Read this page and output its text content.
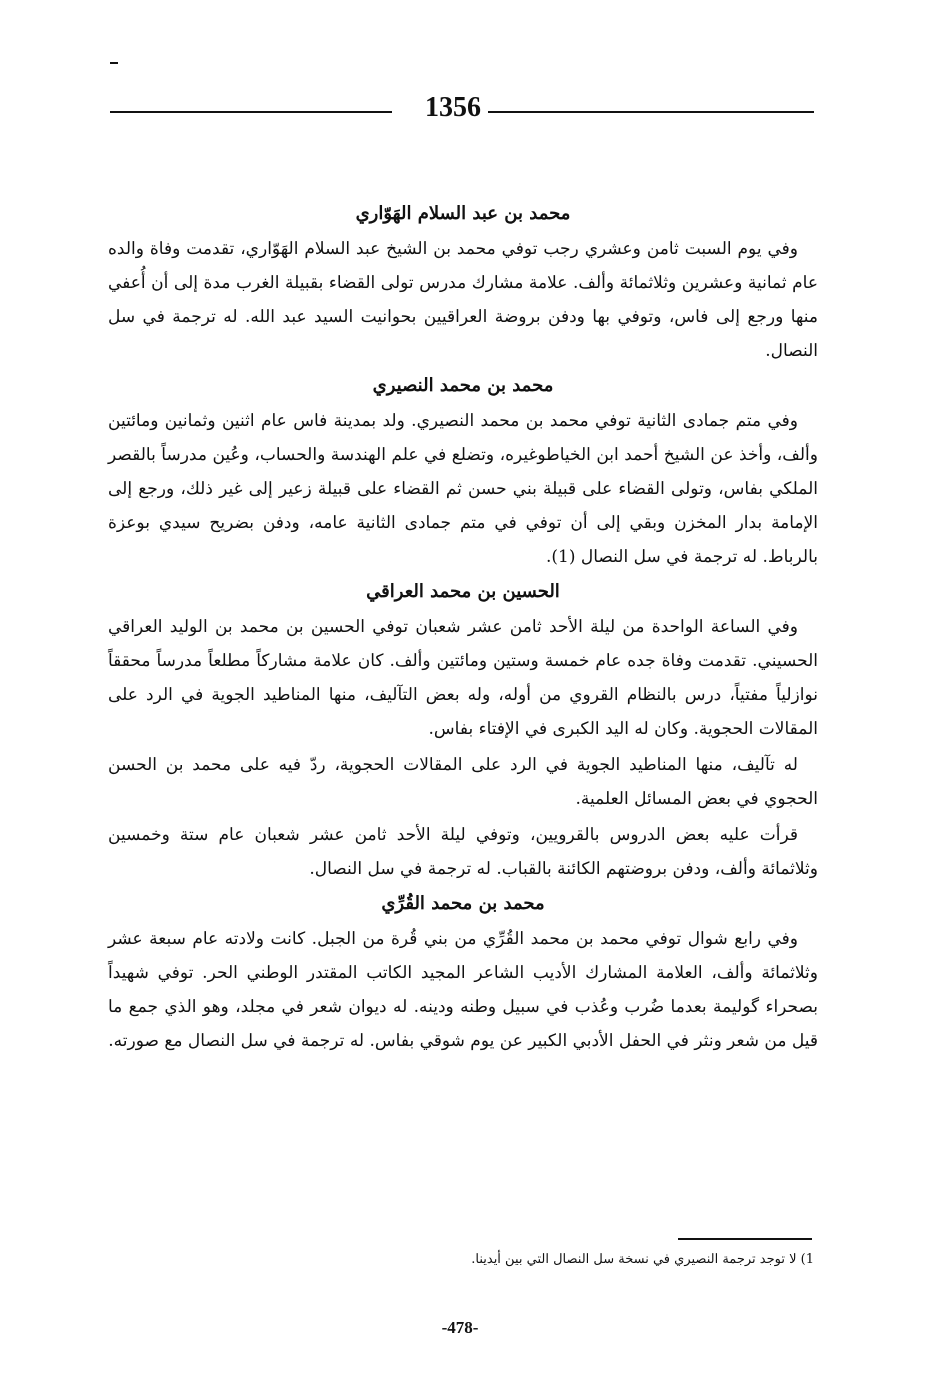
1356
محمد بن عبد السلام الهَوّاري

وفي يوم السبت ثامن وعشري رجب توفي محمد بن الشيخ عبد السلام الهَوّاري، تقدمت وفاة والده عام ثمانية وعشرين وثلاثمائة وألف. علامة مشارك مدرس تولى القضاء بقبيلة الغرب مدة إلى أن أُعفي منها ورجع إلى فاس، وتوفي بها ودفن بروضة العراقيين بحوانيت السيد عبد الله. له ترجمة في سل النصال.

محمد بن محمد النصيري

وفي متم جمادى الثانية توفي محمد بن محمد النصيري. ولد بمدينة فاس عام اثنين وثمانين ومائتين وألف، وأخذ عن الشيخ أحمد ابن الخياطوغيره، وتضلع في علم الهندسة والحساب، وعُين مدرساً بالقصر الملكي بفاس، وتولى القضاء على قبيلة بني حسن ثم القضاء على قبيلة زعير إلى غير ذلك، ورجع إلى الإمامة بدار المخزن وبقي إلى أن توفي في متم جمادى الثانية عامه، ودفن بضريح سيدي بوعزة بالرباط. له ترجمة في سل النصال (1).

الحسين بن محمد العراقي

وفي الساعة الواحدة من ليلة الأحد ثامن عشر شعبان توفي الحسين بن محمد بن الوليد العراقي الحسيني. تقدمت وفاة جده عام خمسة وستين ومائتين وألف. كان علامة مشاركاً مطلعاً مدرساً محققاً نوازلياً مفتياً، درس بالنظام القروي من أوله، وله بعض التآليف، منها المناطيد الجوية في الرد على المقالات الحجوية. وكان له اليد الكبرى في الإفتاء بفاس.

له تآليف، منها المناطيد الجوية في الرد على المقالات الحجوية، ردّ فيه على محمد بن الحسن الحجوي في بعض المسائل العلمية.

قرأت عليه بعض الدروس بالقرويين، وتوفي ليلة الأحد ثامن عشر شعبان عام ستة وخمسين وثلاثمائة وألف، ودفن بروضتهم الكائنة بالقباب. له ترجمة في سل النصال.

محمد بن محمد القُرِّي

وفي رابع شوال توفي محمد بن محمد القُرِّي من بني قُرة من الجبل. كانت ولادته عام سبعة عشر وثلاثمائة وألف، العلامة المشارك الأديب الشاعر المجيد الكاتب المقتدر الوطني الحر. توفي شهيداً بصحراء گوليمة بعدما ضُرب وعُذب في سبيل وطنه ودينه. له ديوان شعر في مجلد، وهو الذي جمع ما قيل من شعر ونثر في الحفل الأدبي الكبير عن يوم شوقي بفاس. له ترجمة في سل النصال مع صورته.

1) لا توجد ترجمة النصيري في نسخة سل النصال التي بين أيدينا.
-478-
